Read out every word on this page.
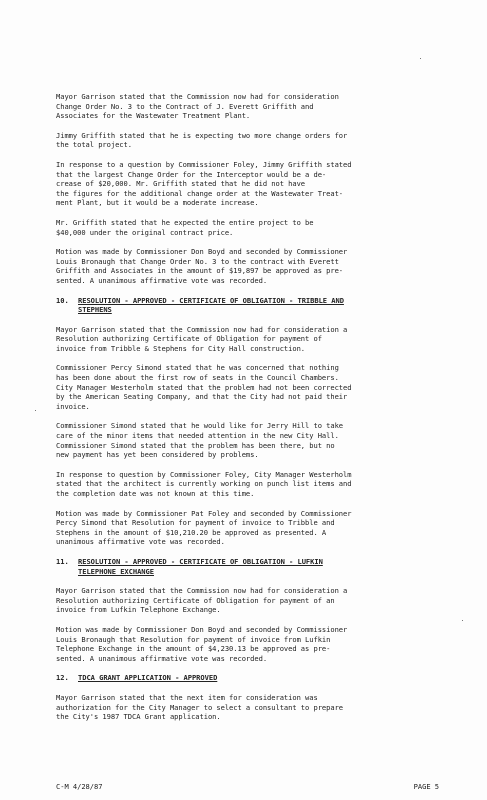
Mayor Garrison stated that the Commission now had for consideration
Change Order No. 3 to the Contract of J. Everett Griffith and
Associates for the Wastewater Treatment Plant.

Jimmy Griffith stated that he is expecting two more change orders for
the total project.

In response to a question by Commissioner Foley, Jimmy Griffith stated
that the largest Change Order for the Interceptor would be a de-
crease of $20,000. Mr. Griffith stated that he did not have
the figures for the additional change order at the Wastewater Treat-
ment Plant, but it would be a moderate increase.

Mr. Griffith stated that he expected the entire project to be
$40,000 under the original contract price.

Motion was made by Commissioner Don Boyd and seconded by Commissioner
Louis Bronaugh that Change Order No. 3 to the contract with Everett
Griffith and Associates in the amount of $19,897 be approved as pre-
sented. A unanimous affirmative vote was recorded.

10.	RESOLUTION - APPROVED - CERTIFICATE OF OBLIGATION - TRIBBLE AND
STEPHENS

Mayor Garrison stated that the Commission now had for consideration a
Resolution authorizing Certificate of Obligation for payment of
invoice from Tribble & Stephens for City Hall construction.

Commissioner Percy Simond stated that he was concerned that nothing
has been done about the first row of seats in the Council Chambers.
City Manager Westerholm stated that the problem had not been corrected
by the American Seating Company, and that the City had not paid their
invoice.

Commissioner Simond stated that he would like for Jerry Hill to take
care of the minor items that needed attention in the new City Hall.
Commissioner Simond stated that the problem has been there, but no
new payment has yet been considered by problems.

In response to question by Commissioner Foley, City Manager Westerholm
stated that the architect is currently working on punch list items and
the completion date was not known at this time.

Motion was made by Commissioner Pat Foley and seconded by Commissioner
Percy Simond that Resolution for payment of invoice to Tribble and
Stephens in the amount of $10,210.20 be approved as presented. A
unanimous affirmative vote was recorded.

11.	RESOLUTION - APPROVED - CERTIFICATE OF OBLIGATION - LUFKIN
TELEPHONE EXCHANGE

Mayor Garrison stated that the Commission now had for consideration a
Resolution authorizing Certificate of Obligation for payment of an
invoice from Lufkin Telephone Exchange.

Motion was made by Commissioner Don Boyd and seconded by Commissioner
Louis Bronaugh that Resolution for payment of invoice from Lufkin
Telephone Exchange in the amount of $4,230.13 be approved as pre-
sented. A unanimous affirmative vote was recorded.

12.	TDCA GRANT APPLICATION - APPROVED

Mayor Garrison stated that the next item for consideration was
authorization for the City Manager to select a consultant to prepare
the City's 1987 TDCA Grant application.

C-M 4/28/87	PAGE 5
